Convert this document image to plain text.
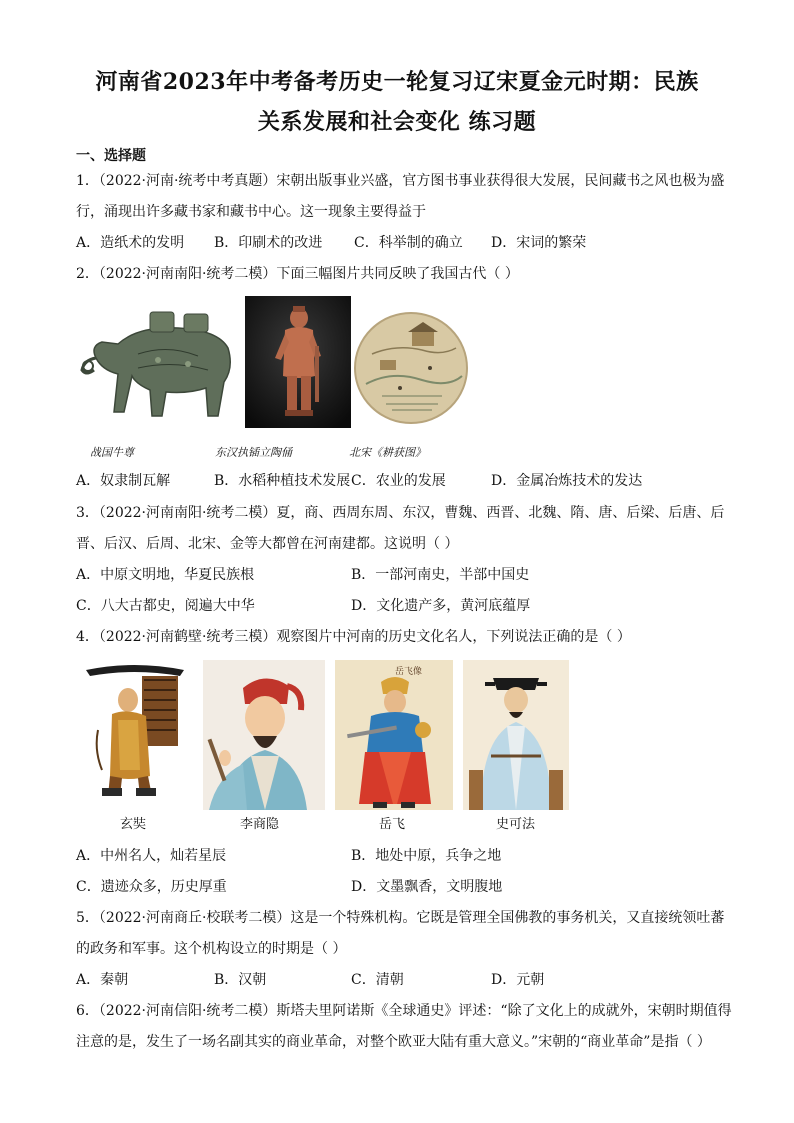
河南省2023年中考备考历史一轮复习辽宋夏金元时期：民族
关系发展和社会变化 练习题
一、选择题
1．（2022·河南·统考中考真题）宋朝出版事业兴盛，官方图书事业获得很大发展，民间藏书之风也极为盛
行，涌现出许多藏书家和藏书中心。这一现象主要得益于
A．造纸术的发明 B．印刷术的改进 C．科举制的确立 D．宋词的繁荣
2．（2022·河南南阳·统考二模）下面三幅图片共同反映了我国古代（ ）
战国牛尊	东汉执锸立陶俑	北宋《耕获图》
A．奴隶制瓦解	B．水稻种植技术发展 C．农业的发展	D．金属冶炼技术的发达
3．（2022·河南南阳·统考二模）夏，商、西周东周、东汉，曹魏、西晋、北魏、隋、唐、后梁、后唐、后
晋、后汉、后周、北宋、金等大都曾在河南建都。这说明（ ）
A．中原文明地，华夏民族根	B．一部河南史，半部中国史
C．八大古都史，阅遍大中华	D．文化遗产多，黄河底蕴厚
4．（2022·河南鹤壁·统考三模）观察图片中河南的历史文化名人，下列说法正确的是（ ）
玄奘	李商隐
岳飞像
岳飞	史可法
A．中州名人，灿若星辰	B．地处中原，兵争之地
C．遗迹众多，历史厚重	D．文墨飘香，文明腹地
5．（2022·河南商丘·校联考二模）这是一个特殊机构。它既是管理全国佛教的事务机关，又直接统领吐蕃
的政务和军事。这个机构设立的时期是（ ）
A．秦朝	B．汉朝	C．清朝	D．元朝
6．（2022·河南信阳·统考二模）斯塔夫里阿诺斯《全球通史》评述：“除了文化上的成就外，宋朝时期值得
注意的是，发生了一场名副其实的商业革命，对整个欧亚大陆有重大意义。”宋朝的“商业革命”是指（ ）
